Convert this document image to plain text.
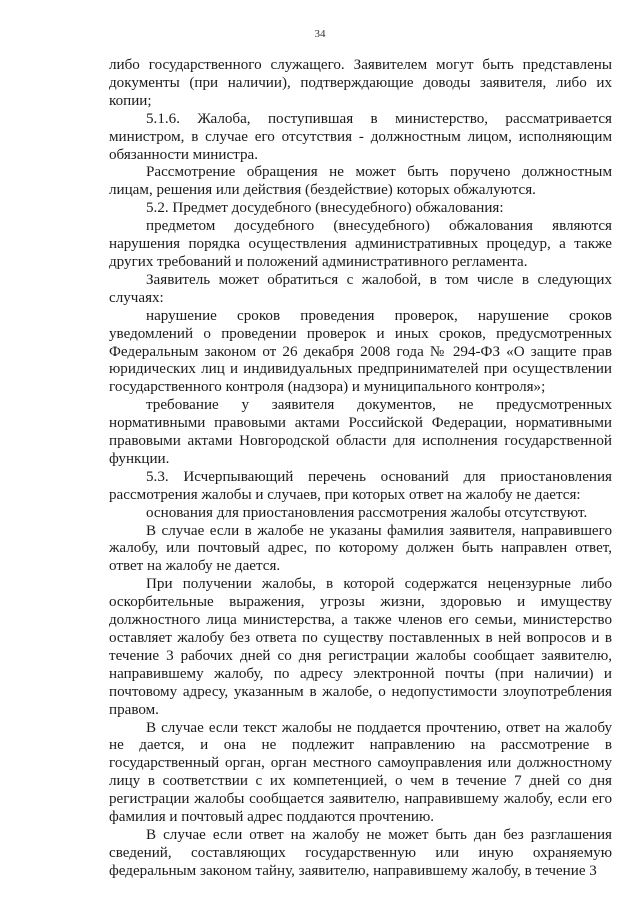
34

либо государственного служащего. Заявителем могут быть представлены документы (при наличии), подтверждающие доводы заявителя, либо их копии;

5.1.6. Жалоба, поступившая в министерство, рассматривается министром, в случае его отсутствия - должностным лицом, исполняющим обязанности министра.

Рассмотрение обращения не может быть поручено должностным лицам, решения или действия (бездействие) которых обжалуются.

5.2. Предмет досудебного (внесудебного) обжалования:

предметом досудебного (внесудебного) обжалования являются нарушения порядка осуществления административных процедур, а также других требований и положений административного регламента.

Заявитель может обратиться с жалобой, в том числе в следующих случаях:

нарушение сроков проведения проверок, нарушение сроков уведомлений о проведении проверок и иных сроков, предусмотренных Федеральным законом от 26 декабря 2008 года № 294-ФЗ «О защите прав юридических лиц и индивидуальных предпринимателей при осуществлении государственного контроля (надзора) и муниципального контроля»;

требование у заявителя документов, не предусмотренных нормативными правовыми актами Российской Федерации, нормативными правовыми актами Новгородской области для исполнения государственной функции.

5.3. Исчерпывающий перечень оснований для приостановления рассмотрения жалобы и случаев, при которых ответ на жалобу не дается:

основания для приостановления рассмотрения жалобы отсутствуют.

В случае если в жалобе не указаны фамилия заявителя, направившего жалобу, или почтовый адрес, по которому должен быть направлен ответ, ответ на жалобу не дается.

При получении жалобы, в которой содержатся нецензурные либо оскорбительные выражения, угрозы жизни, здоровью и имуществу должностного лица министерства, а также членов его семьи, министерство оставляет жалобу без ответа по существу поставленных в ней вопросов и в течение 3 рабочих дней со дня регистрации жалобы сообщает заявителю, направившему жалобу, по адресу электронной почты (при наличии) и почтовому адресу, указанным в жалобе, о недопустимости злоупотребления правом.

В случае если текст жалобы не поддается прочтению, ответ на жалобу не дается, и она не подлежит направлению на рассмотрение в государственный орган, орган местного самоуправления или должностному лицу в соответствии с их компетенцией, о чем в течение 7 дней со дня регистрации жалобы сообщается заявителю, направившему жалобу, если его фамилия и почтовый адрес поддаются прочтению.

В случае если ответ на жалобу не может быть дан без разглашения сведений, составляющих государственную или иную охраняемую федеральным законом тайну, заявителю, направившему жалобу, в течение 3
